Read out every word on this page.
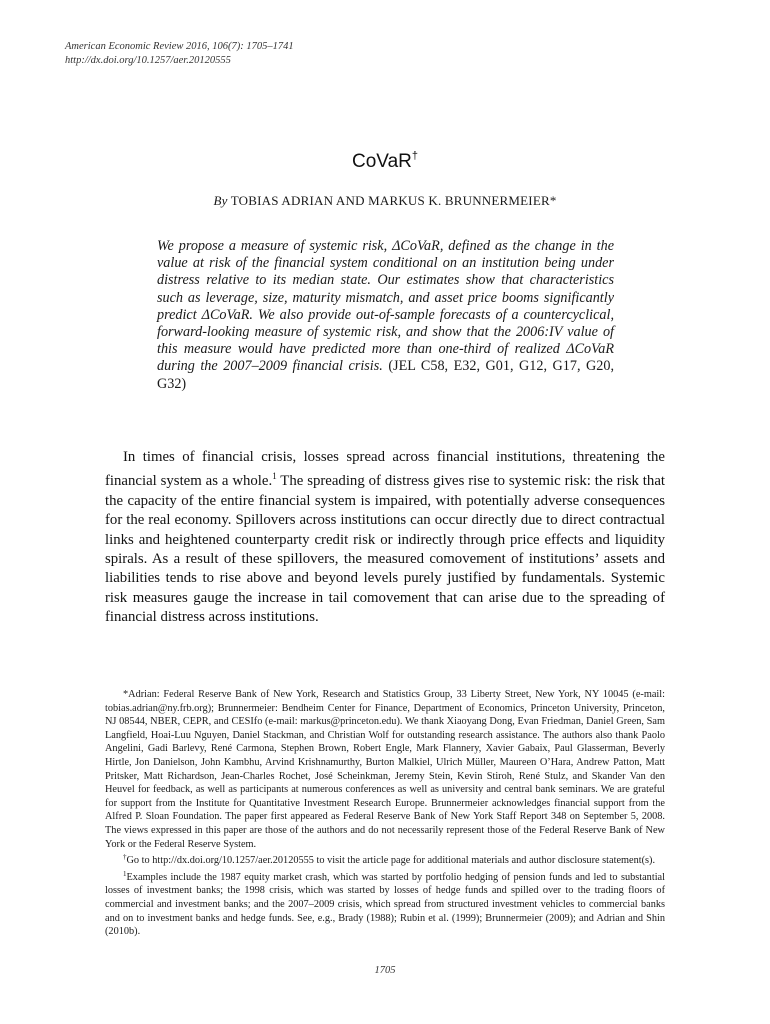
American Economic Review 2016, 106(7): 1705–1741
http://dx.doi.org/10.1257/aer.20120555
CoVaR†
By TOBIAS ADRIAN AND MARKUS K. BRUNNERMEIER*
We propose a measure of systemic risk, ΔCoVaR, defined as the change in the value at risk of the financial system conditional on an institution being under distress relative to its median state. Our estimates show that characteristics such as leverage, size, maturity mismatch, and asset price booms significantly predict ΔCoVaR. We also provide out-of-sample forecasts of a countercyclical, forward-looking measure of systemic risk, and show that the 2006:IV value of this measure would have predicted more than one-third of realized ΔCoVaR during the 2007–2009 financial crisis. (JEL C58, E32, G01, G12, G17, G20, G32)

In times of financial crisis, losses spread across financial institutions, threatening the financial system as a whole.$^1$ The spreading of distress gives rise to systemic risk: the risk that the capacity of the entire financial system is impaired, with potentially adverse consequences for the real economy. Spillovers across institutions can occur directly due to direct contractual links and heightened counterparty credit risk or indirectly through price effects and liquidity spirals. As a result of these spillovers, the measured comovement of institutions’ assets and liabilities tends to rise above and beyond levels purely justified by fundamentals. Systemic risk measures gauge the increase in tail comovement that can arise due to the spreading of financial distress across institutions.

*Adrian: Federal Reserve Bank of New York, Research and Statistics Group, 33 Liberty Street, New York, NY 10045 (e-mail: tobias.adrian@ny.frb.org); Brunnermeier: Bendheim Center for Finance, Department of Economics, Princeton University, Princeton, NJ 08544, NBER, CEPR, and CESIfo (e-mail: markus@princeton.edu). We thank Xiaoyang Dong, Evan Friedman, Daniel Green, Sam Langfield, Hoai-Luu Nguyen, Daniel Stackman, and Christian Wolf for outstanding research assistance. The authors also thank Paolo Angelini, Gadi Barlevy, René Carmona, Stephen Brown, Robert Engle, Mark Flannery, Xavier Gabaix, Paul Glasserman, Beverly Hirtle, Jon Danielson, John Kambhu, Arvind Krishnamurthy, Burton Malkiel, Ulrich Müller, Maureen O’Hara, Andrew Patton, Matt Pritsker, Matt Richardson, Jean-Charles Rochet, José Scheinkman, Jeremy Stein, Kevin Stiroh, René Stulz, and Skander Van den Heuvel for feedback, as well as participants at numerous conferences as well as university and central bank seminars. We are grateful for support from the Institute for Quantitative Investment Research Europe. Brunnermeier acknowledges financial support from the Alfred P. Sloan Foundation. The paper first appeared as Federal Reserve Bank of New York Staff Report 348 on September 5, 2008. The views expressed in this paper are those of the authors and do not necessarily represent those of the Federal Reserve Bank of New York or the Federal Reserve System.

†Go to http://dx.doi.org/10.1257/aer.20120555 to visit the article page for additional materials and author disclosure statement(s).

$^1$Examples include the 1987 equity market crash, which was started by portfolio hedging of pension funds and led to substantial losses of investment banks; the 1998 crisis, which was started by losses of hedge funds and spilled over to the trading floors of commercial and investment banks; and the 2007–2009 crisis, which spread from structured investment vehicles to commercial banks and on to investment banks and hedge funds. See, e.g., Brady (1988); Rubin et al. (1999); Brunnermeier (2009); and Adrian and Shin (2010b).

1705
